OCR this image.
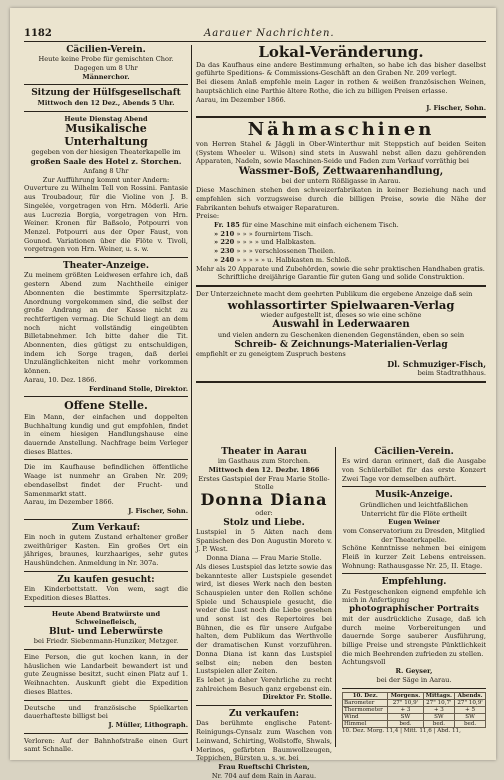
1182	Aarauer Nachrichten.
Cäcilien-Verein.
Heute keine Probe für gemischten Chor. Dagegen um 8 Uhr
Männerchor.
Sitzung der Hülfsgesellschaft
Mittwoch den 12 Dez., Abends 5 Uhr.
Heute Dienstag Abend
Musikalische Unterhaltung
gegeben von der hiesigen Theaterkapelle im
großen Saale des Hotel z. Storchen.
Anfang 8 Uhr
Zur Aufführung kommt unter Andern:
Ouverture zu Wilhelm Tell von Rossini. Fantasie aus Troubadour, für die Violine von J. B. Singelée, vorgetragen von Hrn. Möderli. Arie aus Lucrezia Borgia, vorgetragen von Hrn. Weiner. Kronen für Baßsolo, Potpourri von Menzel. Potpourri aus der Oper Faust, von Gounod. Variationen über die Flöte v. Tivoli, vorgetragen von Hrn. Weiner, u. s. w.
Theater-Anzeige.
Zu meinem größten Leidwesen erfahre ich, daß gestern Abend zum Nachtheile einiger Abonnenten die bestimmte Sperrsitzplatz-Anordnung vorgekommen sind, die selbst der große Andrang an der Kasse nicht zu rechtfertigen vermag. Die Schuld liegt an dem noch nicht vollständig eingeübten Billetabnehmer. Ich bitte daher die Tit. Abonnenten, dies gütigst zu entschuldigen, indem ich Sorge tragen, daß derlei Unzulänglichkeiten nicht mehr vorkommen können.
Aarau, 10. Dez. 1866.
Ferdinand Stolle, Direktor.
Offene Stelle.
Ein Mann, der einfachen und doppelten Buchhaltung kundig und gut empfohlen, findet in einem hiesigen Handlungshause eine dauernde Anstellung. Nachfrage beim Verleger dieses Blattes.
Die im Kaufhause befindlichen öffentliche Waage ist nunmehr an Graben Nr. 209; ebendaselbst findet der Frucht- und Samenmarkt statt.
Aarau, im Dezember 1866.
J. Fischer, Sohn.
Zum Verkauf:
Ein noch in gutem Zustand erhaltener großer zweithüriger Kasten. Ein großes Ort ein jähriges, braunes, kurzhaariges, sehr gutes Haushündchen. Anmeldung in Nr. 307a.
Zu kaufen gesucht:
Ein Kinderbettstatt. Von wem, sagt die Expedition dieses Blattes.
Heute Abend Bratwürste und Schweinefleisch,
Blut- und Leberwürste
bei Friedr. Siebenmann-Hunziker, Metzger.
Eine Person, die gut kochen kann, in der häuslichen wie Landarbeit bewandert ist und gute Zeugnisse besitzt, sucht einen Platz auf 1. Weihnachten. Auskunft giebt die Expedition dieses Blattes.
Deutsche und französische Spielkarten dauerhafteste billigst bei
J. Müller, Lithograph.
Verloren: Auf der Bahnhofstraße einen Gurt samt Schnalle.
Lokal-Veränderung.
Da das Kaufhaus eine andere Bestimmung erhalten, so habe ich das bisher daselbst geführte Speditions- & Commissions-Geschäft an den Graben Nr. 209 verlegt.
Bei diesem Anlaß empfehle mein Lager in rothen & weißen französischen Weinen, hauptsächlich eine Parthie ältere Rothe, die ich zu billigen Preisen erlasse.
Aarau, im Dezember 1866.
J. Fischer, Sohn.
Nähmaschinen
von Herren Stahel & Jäggli in Ober-Winterthur mit Steppstich auf beiden Seiten (System Wheeler u. Wilson) sind stets in Auswahl nebst allen dazu gehörenden Apparaten, Nadeln, sowie Maschinen-Seide und Faden zum Verkauf vorräthig bei
Wassmer-Boß, Zettwaarenhandlung,
bei der untern Rößligasse in Aarau.
Diese Maschinen stehen den schweizerfabrikaten in keiner Beziehung nach und empfehlen sich vorzugsweise durch die billigen Preise, sowie die Nähe der Fabrikanten behufs etwaiger Reparaturen.
Preise:
Fr. 185 für eine Maschine mit einfach eichenem Tisch.
» 210 » » » fournirtem Tisch.
» 220 » » » » und Halbkasten.
» 230 » » » verschlossenen Theilen.
» 240 » » » » » u. Halbkasten m. Schloß.
Mehr als 20 Apparate und Zubehörden, sowie die sehr praktischen Handhaben gratis.
Schriftliche dreijährige Garantie für guten Gang und solide Construktion.
Der Unterzeichnete macht dem geehrten Publikum die ergebene Anzeige daß sein
wohlassortirter Spielwaaren-Verlag
wieder aufgestellt ist, dieses so wie eine schöne
Auswahl in Lederwaaren
und vielen andern zu Geschenken dienenden Gegenständen, eben so sein
Schreib- & Zeichnungs-Materialien-Verlag
empfiehlt er zu geneigtem Zuspruch bestens
Dl. Schmuziger-Fisch,
beim Stadtrathhaus.
Theater in Aarau
im Gasthaus zum Storchen.
Mittwoch den 12. Dezbr. 1866
Erstes Gastspiel der Frau Marie Stolle-Stolle
Donna Diana
oder:
Stolz und Liebe.
Lustspiel in 5 Akten nach dem Spanischen des Don Augustin Moreto v. J. P. West.
Donna Diana — Frau Marie Stolle.
Als dieses Lustspiel das letzte sowie das bekannteste aller Lustspiele gesendet wird, ist dieses Werk nach den besten Schauspielen unter den Rollen schöne Spiele und Schauspiele gesucht, die weder die Lust noch die Liebe gesehen und sonst ist des Repertoires bei Bühnen, die es für unsere Aufgabe halten, dem Publikum das Werthvolle der dramatischen Kunst vorzuführen. Donna Diana ist kann das Lustspiel selbst ein; neben den besten Lustspielen aller Zeiten.
Es lebet ja daher Verehrliche zu recht zahlreichem Besuch ganz ergebenst ein.
Direktor Fr. Stolle.
Zu verkaufen:
Das berühmte englische Patent-Reinigungs-Cynsalz zum Waschen von Leinwand, Schirting, Wollstoffe, Shwals, Merinos, gefärbten Baumwollzeugen, Teppichen, Bürsten u. s. w. bei
Frau Rueftschi Christen,
Nr. 704 auf dem Rain in Aarau.
Cäcilien-Verein.
Es wird daran erinnert, daß die Ausgabe von Schülerbillet für das erste Konzert Zwei Tage vor demselben aufhört.
Musik-Anzeige.
Gründlichen und leichtfaßlichen Unterricht für die Flöte ertheilt
Eugen Weiner
vom Conservatorium zu Dresden, Mitglied der Theaterkapelle.
Schöne Kenntnisse nehmen bei einigem Fleiß in kurzer Zeit Lebens entreissen. Wohnung: Rathausgasse Nr. 25, II. Etage.
Empfehlung.
Zu Festgeschenken eignend empfehle ich mich in Anfertigung
photographischer Portraits
mit der ausdrückliche Zusage, daß ich durch meine Vorbereitungen und dauernde Sorge sauberer Ausführung, billige Preise und strengste Pünktlichkeit die mich Beehrenden zufrieden zu stellen.
Achtungsvoll
R. Geyser,
bei der Säge in Aarau.
10. Dez.	Morgens.	Mittags.	Abends.
Barometer	27" 10,9'	27" 10,7'	27" 10,9'
Thermometer	+ 3	+ 3	+ 5
Wind	SW	SW	SW
Himmel	bed.	bed.	bed.
10. Dez. Morg. 11,4 | Mitt. 11,6 | Abd. 11,
